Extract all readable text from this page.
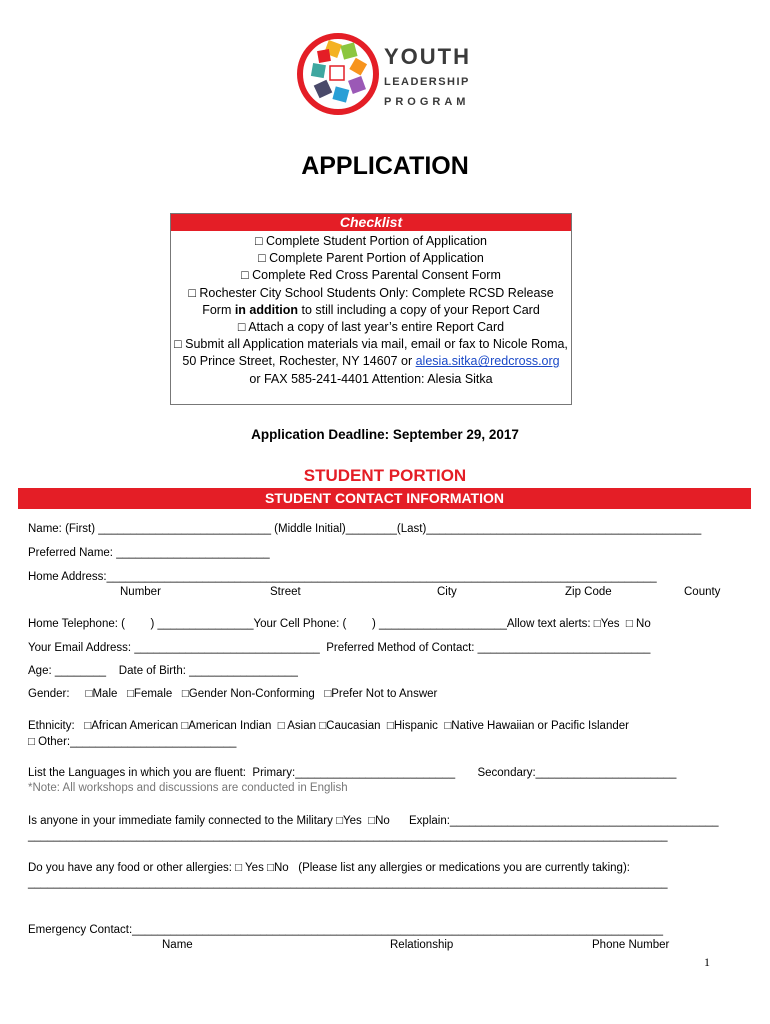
YOUTH
LEADERSHIP
PROGRAM
APPLICATION
Checklist
□ Complete Student Portion of Application
□ Complete Parent Portion of Application
□ Complete Red Cross Parental Consent Form
□ Rochester City School Students Only: Complete RCSD Release
Form in addition to still including a copy of your Report Card
□ Attach a copy of last year’s entire Report Card
□ Submit all Application materials via mail, email or fax to Nicole Roma,
50 Prince Street, Rochester, NY 14607 or alesia.sitka@redcross.org
or FAX 585-241-4401 Attention: Alesia Sitka
Application Deadline: September 29, 2017
STUDENT PORTION
STUDENT CONTACT INFORMATION
Name: (First) ___________________________ (Middle Initial)________(Last)___________________________________________
Preferred Name: ________________________
Home Address:______________________________________________________________________________________
Number	Street	City	Zip Code	County
Home Telephone: (        ) _______________Your Cell Phone: (        ) ____________________Allow text alerts: □Yes  □ No
Your Email Address: _____________________________  Preferred Method of Contact: ___________________________
Age: ________    Date of Birth: _________________
Gender:     □Male   □Female   □Gender Non-Conforming   □Prefer Not to Answer
Ethnicity:   □African American □American Indian  □ Asian □Caucasian  □Hispanic  □Native Hawaiian or Pacific Islander
□ Other:__________________________
List the Languages in which you are fluent:  Primary:_________________________       Secondary:______________________
*Note: All workshops and discussions are conducted in English
Is anyone in your immediate family connected to the Military □Yes  □No      Explain:__________________________________________
____________________________________________________________________________________________________
Do you have any food or other allergies: □ Yes □No   (Please list any allergies or medications you are currently taking):
____________________________________________________________________________________________________
Emergency Contact:___________________________________________________________________________________
Name	Relationship	Phone Number
1
